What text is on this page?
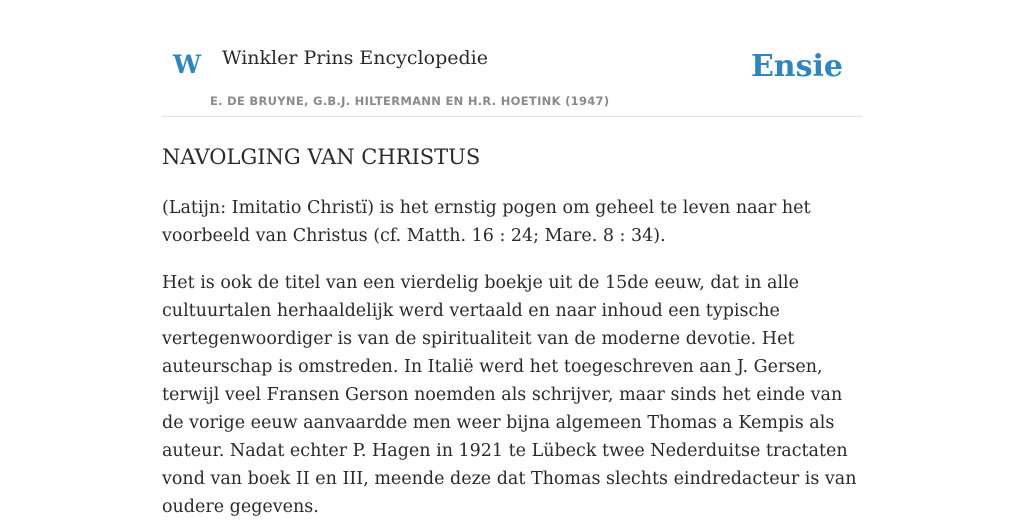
W Winkler Prins Encyclopedie
E. DE BRUYNE, G.B.J. HILTERMANN EN H.R. HOETINK (1947)
Ensie
NAVOLGING VAN CHRISTUS

(Latijn: Imitatio Christï) is het ernstig pogen om geheel te leven naar het voorbeeld van Christus (cf. Matth. 16 : 24; Mare. 8 : 34).

Het is ook de titel van een vierdelig boekje uit de 15de eeuw, dat in alle cultuurtalen herhaaldelijk werd vertaald en naar inhoud een typische vertegenwoordiger is van de spiritualiteit van de moderne devotie. Het auteurschap is omstreden. In Italië werd het toegeschreven aan J. Gersen, terwijl veel Fransen Gerson noemden als schrijver, maar sinds het einde van de vorige eeuw aanvaardde men weer bijna algemeen Thomas a Kempis als auteur. Nadat echter P. Hagen in 1921 te Lübeck twee Nederduitse tractaten vond van boek II en III, meende deze dat Thomas slechts eindredacteur is van oudere gegevens.
